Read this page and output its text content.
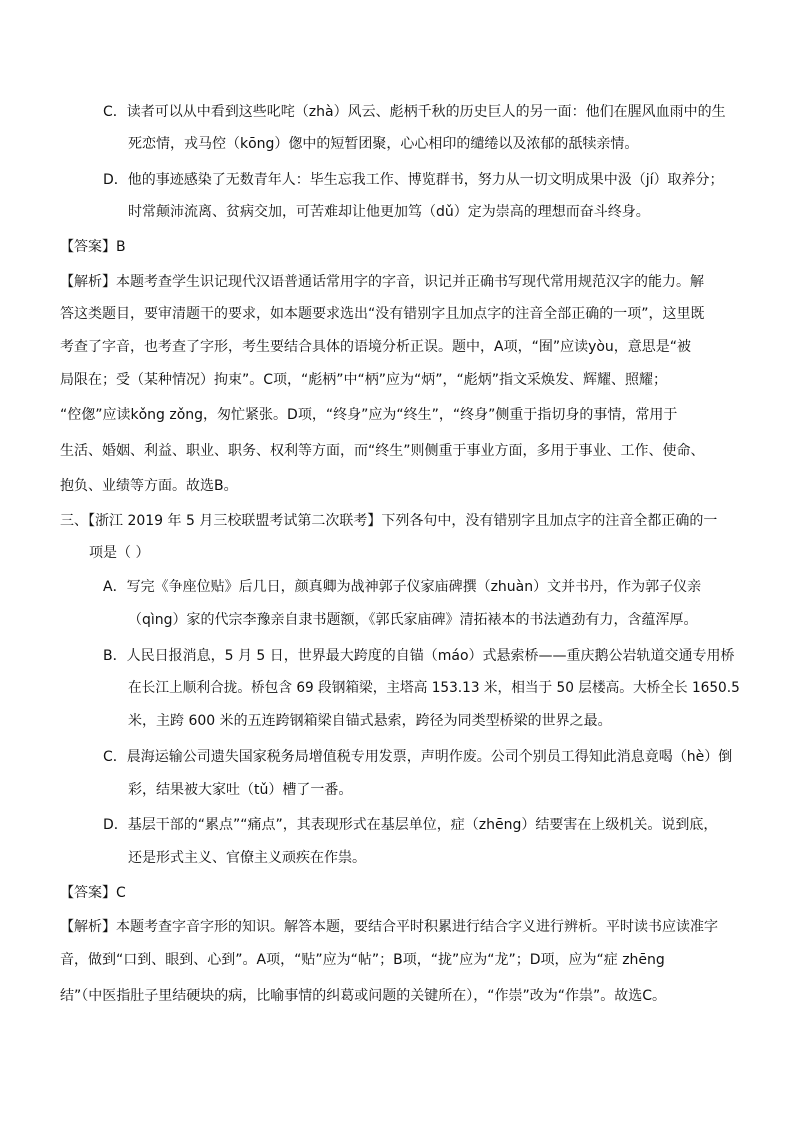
C．读者可以从中看到这些叱咤（zhà）风云、彪柄千秋的历史巨人的另一面：他们在腥风血雨中的生
死恋情，戎马倥（kōng）偬中的短暂团聚，心心相印的缱绻以及浓郁的舐犊亲情。
D．他的事迹感染了无数青年人：毕生忘我工作、博览群书，努力从一切文明成果中汲（jí）取养分；
时常颠沛流离、贫病交加，可苦难却让他更加笃（dǔ）定为崇高的理想而奋斗终身。
【答案】B
【解析】本题考查学生识记现代汉语普通话常用字的字音，识记并正确书写现代常用规范汉字的能力。解
答这类题目，要审清题干的要求，如本题要求选出“没有错别字且加点字的注音全部正确的一项”，这里既
考查了字音，也考查了字形，考生要结合具体的语境分析正误。题中，A项，“囿”应读yòu，意思是“被
局限在；受（某种情况）拘束”。C项，“彪柄”中“柄”应为“炳”，“彪炳”指文采焕发、辉耀、照耀；
“倥偬”应读kǒng zǒng，匆忙紧张。D项，“终身”应为“终生”，“终身”侧重于指切身的事情，常用于
生活、婚姻、利益、职业、职务、权利等方面，而“终生”则侧重于事业方面，多用于事业、工作、使命、
抱负、业绩等方面。故选B。
三、【浙江 2019 年 5 月三校联盟考试第二次联考】下列各句中，没有错别字且加点字的注音全都正确的一
项是（ ）
A．写完《争座位贴》后几日，颜真卿为战神郭子仪家庙碑撰（zhuàn）文并书丹，作为郭子仪亲
（qìng）家的代宗李豫亲自隶书题额，《郭氏家庙碑》清拓裱本的书法遒劲有力，含蕴浑厚。
B．人民日报消息，5 月 5 日，世界最大跨度的自锚（máo）式悬索桥——重庆鹅公岩轨道交通专用桥
在长江上顺利合拢。桥包含 69 段钢箱梁，主塔高 153.13 米，相当于 50 层楼高。大桥全长 1650.5
米，主跨 600 米的五连跨钢箱梁自锚式悬索，跨径为同类型桥梁的世界之最。
C．晨海运输公司遗失国家税务局增值税专用发票，声明作废。公司个别员工得知此消息竟喝（hè）倒
彩，结果被大家吐（tǔ）槽了一番。
D．基层干部的“累点”“痛点”，其表现形式在基层单位，症（zhēng）结要害在上级机关。说到底，
还是形式主义、官僚主义顽疾在作祟。
【答案】C
【解析】本题考查字音字形的知识。解答本题，要结合平时积累进行结合字义进行辨析。平时读书应读准字
音，做到“口到、眼到、心到”。A项，“贴”应为“帖”；B项，“拢”应为“龙”；D项，应为“症 zhēng
结”（中医指肚子里结硬块的病，比喻事情的纠葛或问题的关键所在），“作崇”改为“作祟”。故选C。
